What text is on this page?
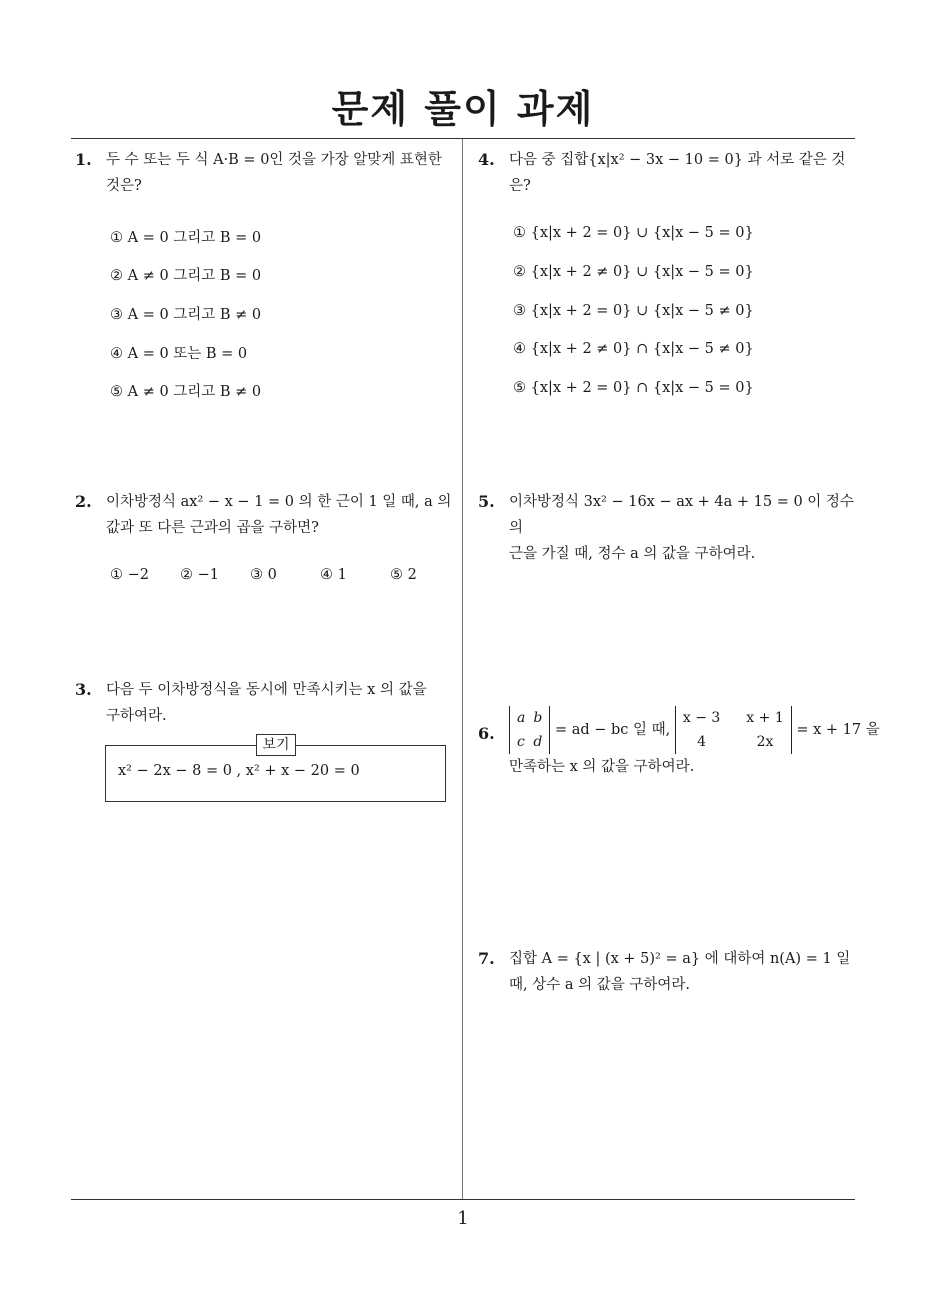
문제 풀이 과제
1. 두 수 또는 두 식 A·B = 0인 것을 가장 알맞게 표현한
것은?
① A = 0 그리고 B = 0
② A ≠ 0 그리고 B = 0
③ A = 0 그리고 B ≠ 0
④ A = 0 또는 B = 0
⑤ A ≠ 0 그리고 B ≠ 0
2. 이차방정식 ax² − x − 1 = 0 의 한 근이 1 일 때, a 의
값과 또 다른 근과의 곱을 구하면?
① −2 ② −1 ③ 0	④ 1	⑤ 2
3. 다음 두 이차방정식을 동시에 만족시키는 x 의 값을
구하여라.
보기
x² − 2x − 8 = 0 , x² + x − 20 = 0
4. 다음 중 집합{x|x² − 3x − 10 = 0} 과 서로 같은 것
은?
① {x|x + 2 = 0} ∪ {x|x − 5 = 0}
② {x|x + 2 ≠ 0} ∪ {x|x − 5 = 0}
③ {x|x + 2 = 0} ∪ {x|x − 5 ≠ 0}
④ {x|x + 2 ≠ 0} ∩ {x|x − 5 ≠ 0}
⑤ {x|x + 2 = 0} ∩ {x|x − 5 = 0}
5. 이차방정식 3x² − 16x − ax + 4a + 15 = 0 이 정수의
근을 가질 때, 정수 a 의 값을 구하여라.
6.
a	b
c	d
= ad − bc 일 때,
x − 3	x + 1
4	2x
= x + 17 을
만족하는 x 의 값을 구하여라.
7. 집합 A = {x | (x + 5)² = a} 에 대하여 n(A) = 1 일
때, 상수 a 의 값을 구하여라.
1
